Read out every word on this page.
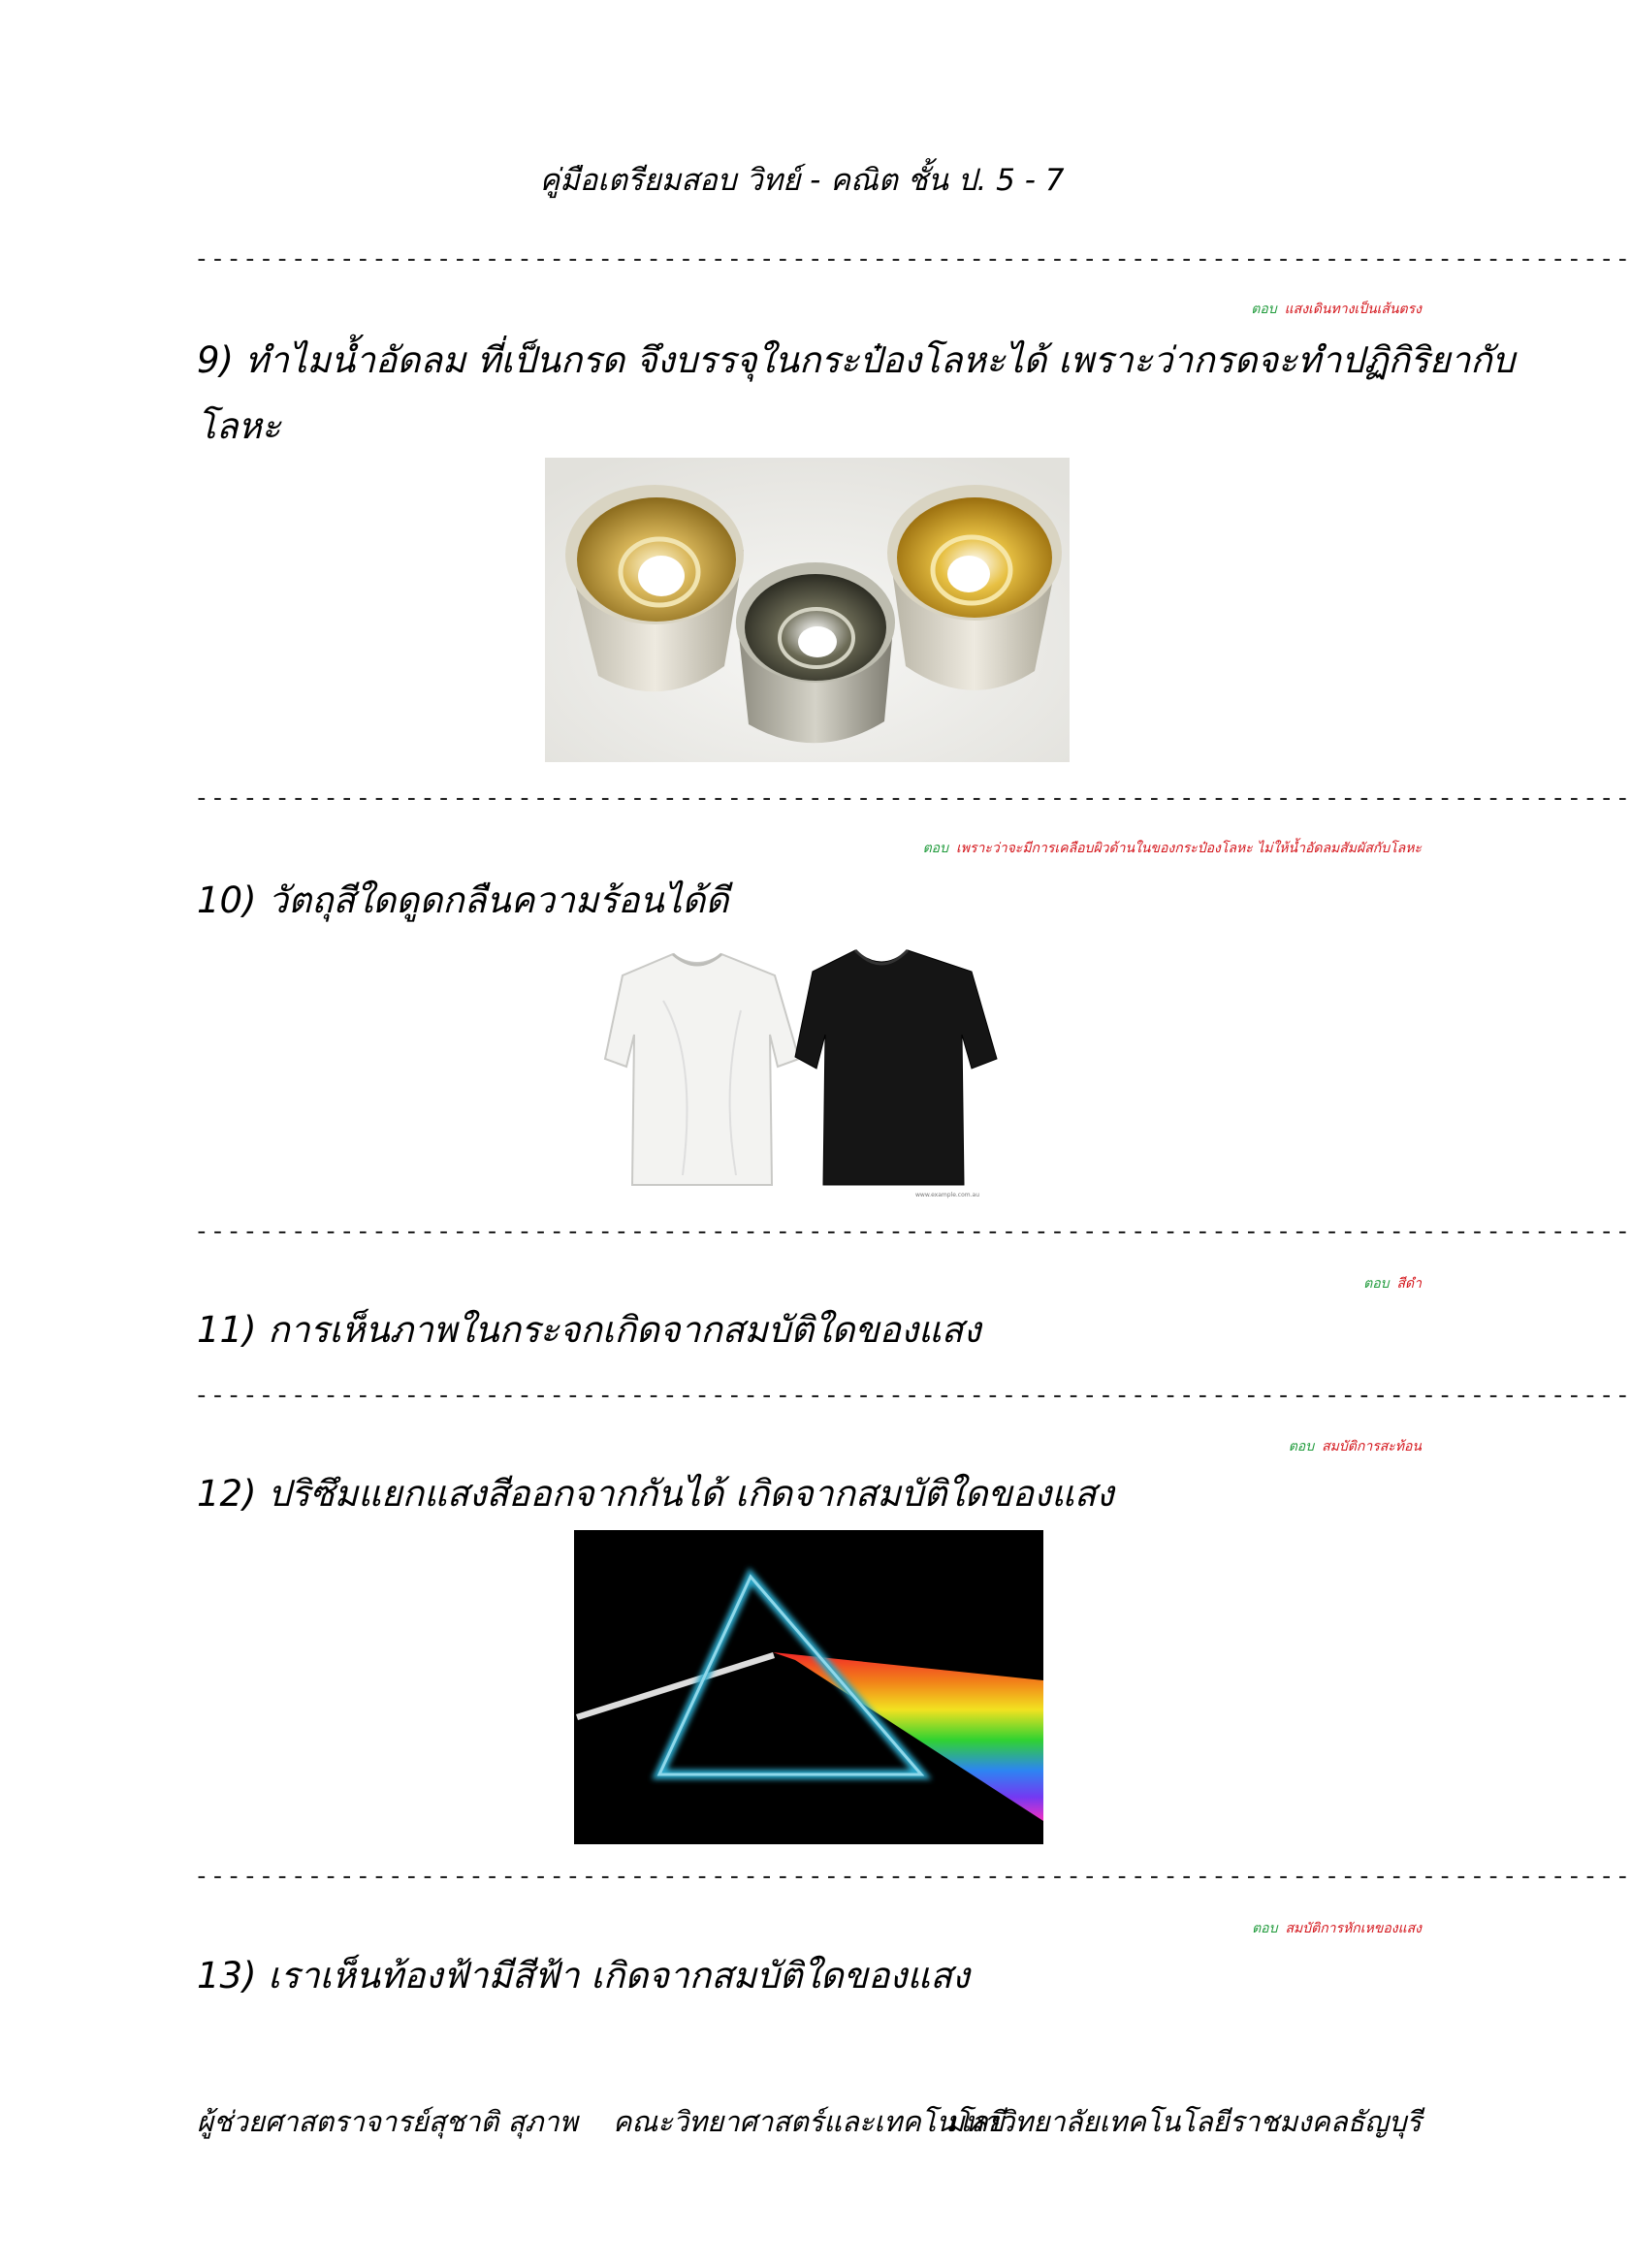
คู่มือเตรียมสอบ วิทย์ - คณิต ชั้น ป. 5 - 7
-----------------------------------------------------------------------------------------
ตอบ แสงเดินทางเป็นเส้นตรง
9) ทำไมน้ำอัดลม ที่เป็นกรด จึงบรรจุในกระป๋องโลหะได้ เพราะว่ากรดจะทำปฏิกิริยากับ
โลหะ
-----------------------------------------------------------------------------------------
ตอบ เพราะว่าจะมีการเคลือบผิวด้านในของกระป๋องโลหะ ไม่ให้น้ำอัดลมสัมผัสกับโลหะ
10) วัตถุสีใดดูดกลืนความร้อนได้ดี
www.example.com.au
-----------------------------------------------------------------------------------------
ตอบ สีดำ
11) การเห็นภาพในกระจกเกิดจากสมบัติใดของแสง
-----------------------------------------------------------------------------------------
ตอบ สมบัติการสะท้อน
12) ปริซึมแยกแสงสีออกจากกันได้ เกิดจากสมบัติใดของแสง
-----------------------------------------------------------------------------------------
ตอบ สมบัติการหักเหของแสง
13) เราเห็นท้องฟ้ามีสีฟ้า เกิดจากสมบัติใดของแสง
ผู้ช่วยศาสตราจารย์สุชาติ สุภาพ คณะวิทยาศาสตร์และเทคโนโลยี
มหาวิทยาลัยเทคโนโลยีราชมงคลธัญบุรี
